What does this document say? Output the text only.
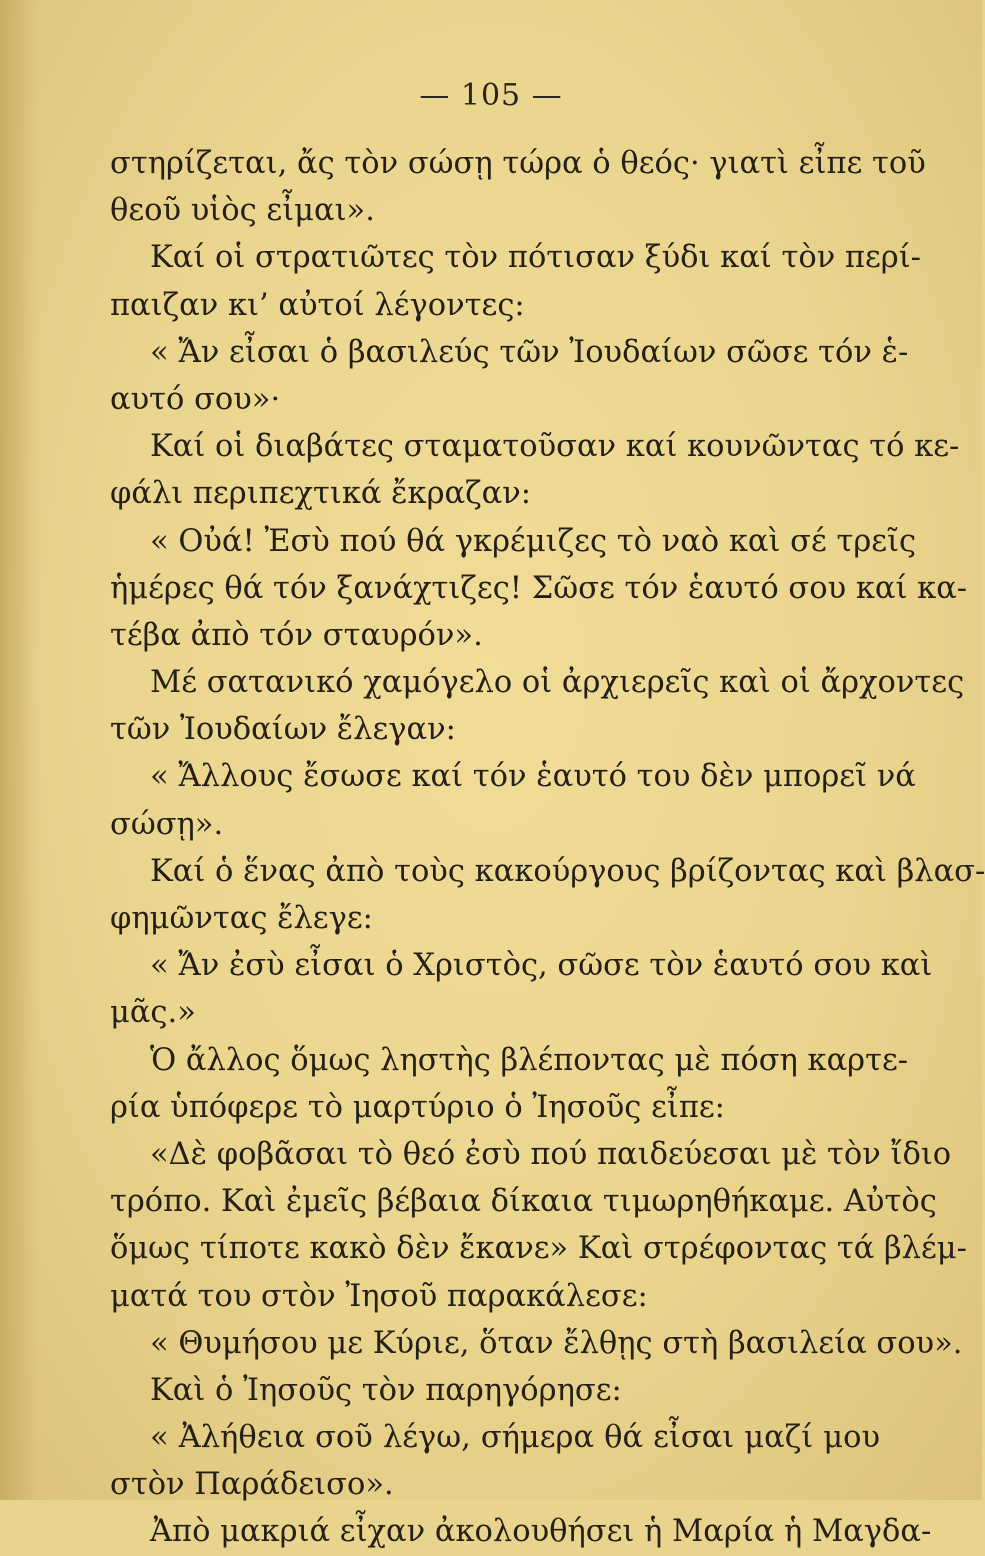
— 105 —
στηρίζεται, ἄς τὸν σώσῃ τώρα ὁ θεός· γιατὶ εἶπε τοῦ
θεοῦ υἱὸς εἶμαι».
Καί οἱ στρατιῶτες τὸν πότισαν ξύδι καί τὸν περί-
παιζαν κι’ αὐτοί λέγοντες:
« Ἄν εἶσαι ὁ βασιλεύς τῶν Ἰουδαίων σῶσε τόν ἑ-
αυτό σου»·
Καί οἱ διαβάτες σταματοῦσαν καί κουνῶντας τό κε-
φάλι περιπεχτικά ἔκραζαν:
« Οὐά! Ἐσὺ πού θά γκρέμιζες τὸ ναὸ καὶ σέ τρεῖς
ἡμέρες θά τόν ξανάχτιζες! Σῶσε τόν ἑαυτό σου καί κα-
τέβα ἀπὸ τόν σταυρόν».
Μέ σατανικό χαμόγελο οἱ ἀρχιερεῖς καὶ οἱ ἄρχοντες
τῶν Ἰουδαίων ἔλεγαν:
« Ἄλλους ἔσωσε καί τόν ἑαυτό του δὲν μπορεῖ νά
σώσῃ».
Καί ὁ ἕνας ἀπὸ τοὺς κακούργους βρίζοντας καὶ βλασ-
φημῶντας ἔλεγε:
« Ἄν ἐσὺ εἶσαι ὁ Χριστὸς, σῶσε τὸν ἑαυτό σου καὶ
μᾶς.»
Ὁ ἄλλος ὅμως ληστὴς βλέποντας μὲ πόση καρτε-
ρία ὑπόφερε τὸ μαρτύριο ὁ Ἰησοῦς εἶπε:
«Δὲ φοβᾶσαι τὸ θεό ἐσὺ πού παιδεύεσαι μὲ τὸν ἴδιο
τρόπο. Καὶ ἐμεῖς βέβαια δίκαια τιμωρηθήκαμε. Αὐτὸς
ὅμως τίποτε κακὸ δὲν ἔκανε» Καὶ στρέφοντας τά βλέμ-
ματά του στὸν Ἰησοῦ παρακάλεσε:
« Θυμήσου με Κύριε, ὅταν ἔλθῃς στὴ βασιλεία σου».
Καὶ ὁ Ἰησοῦς τὸν παρηγόρησε:
« Ἀλήθεια σοῦ λέγω, σήμερα θά εἶσαι μαζί μου
στὸν Παράδεισο».
Ἀπὸ μακριά εἶχαν ἀκολουθήσει ἡ Μαρία ἡ Μαγδα-
